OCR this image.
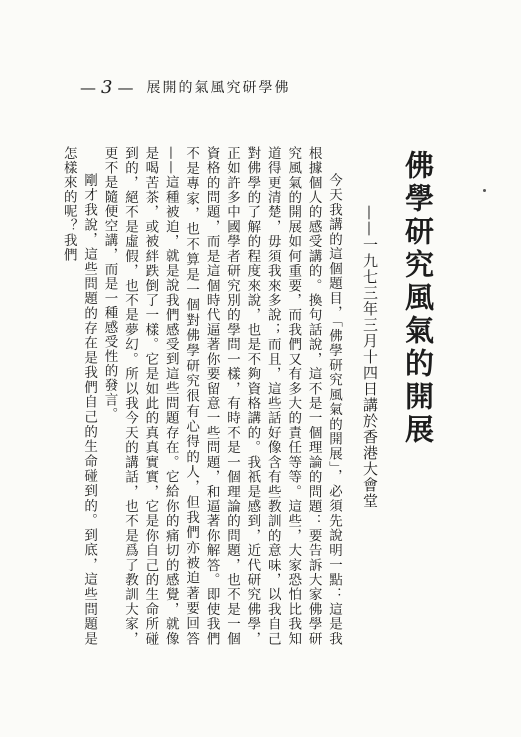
— 3 — 展開的氣風究研學佛
佛學研究風氣的開展
——一九七三年三月十四日講於香港大會堂

今天我講的這個題目，「佛學研究風氣的開展」，必須先說明一點：這是我根據個人的感受講的。換句話說，這不是一個理論的問題：要告訴大家佛學研究風氣的開展如何重要，而我們又有多大的責任等等。這些，大家恐怕比我知道得更清楚，毋須我來多說；而且，這些話好像含有些教訓的意味，以我自己對佛學的了解的程度來說，也是不夠資格講的。我祇是感到，近代研究佛學，正如許多中國學者研究別的學問一樣，有時不是一個理論的問題，也不是一個資格的問題，而是這個時代逼著你要留意一些問題，和逼著你解答。即使我們不是專家，也不算是一個對佛學研究很有心得的人，但我們亦被迫著要回答——這種被迫，就是說我們感受到這些問題存在。它給你的痛切的感覺，就像是喝苦茶，或被絆跌倒了一樣。它是如此的真真實實，它是你自己的生命所碰到的，絕不是虛假，也不是夢幻。所以我今天的講話，也不是爲了教訓大家，更不是隨便空講，而是一種感受性的發言。

剛才我說，這些問題的存在是我們自己的生命碰到的。到底，這些問題是怎樣來的呢？我們
